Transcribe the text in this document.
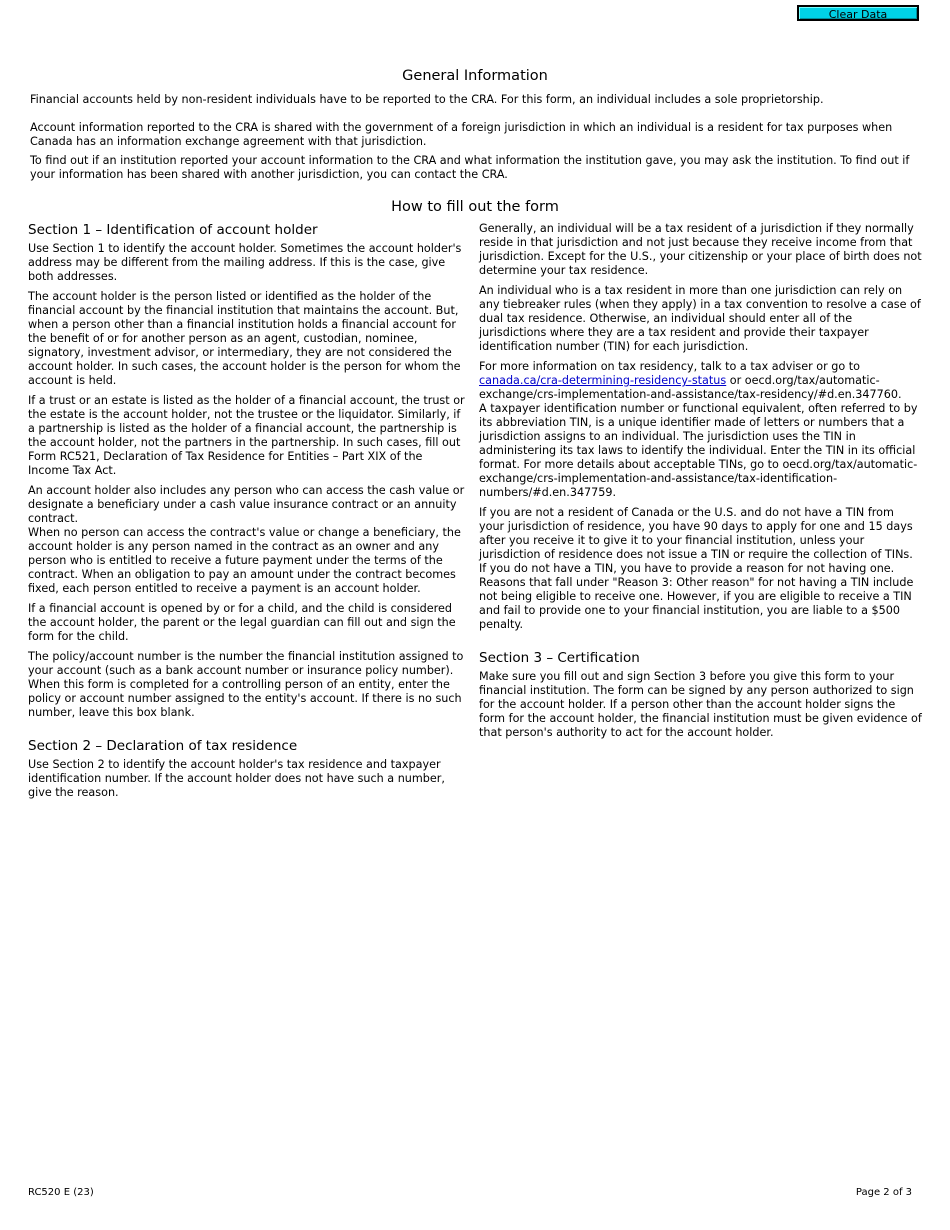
Clear Data
General Information

Financial accounts held by non-resident individuals have to be reported to the CRA. For this form, an individual includes a sole proprietorship.

Account information reported to the CRA is shared with the government of a foreign jurisdiction in which an individual is a resident for tax purposes when Canada has an information exchange agreement with that jurisdiction.

To find out if an institution reported your account information to the CRA and what information the institution gave, you may ask the institution. To find out if your information has been shared with another jurisdiction, you can contact the CRA.

How to fill out the form
Section 1 – Identification of account holder

Use Section 1 to identify the account holder. Sometimes the account holder's address may be different from the mailing address. If this is the case, give both addresses.

The account holder is the person listed or identified as the holder of the financial account by the financial institution that maintains the account. But, when a person other than a financial institution holds a financial account for the benefit of or for another person as an agent, custodian, nominee, signatory, investment advisor, or intermediary, they are not considered the account holder. In such cases, the account holder is the person for whom the account is held.

If a trust or an estate is listed as the holder of a financial account, the trust or the estate is the account holder, not the trustee or the liquidator. Similarly, if a partnership is listed as the holder of a financial account, the partnership is the account holder, not the partners in the partnership. In such cases, fill out Form RC521, Declaration of Tax Residence for Entities – Part XIX of the Income Tax Act.

An account holder also includes any person who can access the cash value or designate a beneficiary under a cash value insurance contract or an annuity contract.

When no person can access the contract's value or change a beneficiary, the account holder is any person named in the contract as an owner and any person who is entitled to receive a future payment under the terms of the contract. When an obligation to pay an amount under the contract becomes fixed, each person entitled to receive a payment is an account holder.

If a financial account is opened by or for a child, and the child is considered the account holder, the parent or the legal guardian can fill out and sign the form for the child.

The policy/account number is the number the financial institution assigned to your account (such as a bank account number or insurance policy number). When this form is completed for a controlling person of an entity, enter the policy or account number assigned to the entity's account. If there is no such number, leave this box blank.

Section 2 – Declaration of tax residence

Use Section 2 to identify the account holder's tax residence and taxpayer identification number. If the account holder does not have such a number, give the reason.

Generally, an individual will be a tax resident of a jurisdiction if they normally reside in that jurisdiction and not just because they receive income from that jurisdiction. Except for the U.S., your citizenship or your place of birth does not determine your tax residence.

An individual who is a tax resident in more than one jurisdiction can rely on any tiebreaker rules (when they apply) in a tax convention to resolve a case of dual tax residence. Otherwise, an individual should enter all of the jurisdictions where they are a tax resident and provide their taxpayer identification number (TIN) for each jurisdiction.

For more information on tax residency, talk to a tax adviser or go to canada.ca/cra-determining-residency-status or oecd.org/tax/automatic-exchange/crs-implementation-and-assistance/tax-residency/#d.en.347760.

A taxpayer identification number or functional equivalent, often referred to by its abbreviation TIN, is a unique identifier made of letters or numbers that a jurisdiction assigns to an individual. The jurisdiction uses the TIN in administering its tax laws to identify the individual. Enter the TIN in its official format. For more details about acceptable TINs, go to oecd.org/tax/automatic-exchange/crs-implementation-and-assistance/tax-identification-numbers/#d.en.347759.

If you are not a resident of Canada or the U.S. and do not have a TIN from your jurisdiction of residence, you have 90 days to apply for one and 15 days after you receive it to give it to your financial institution, unless your jurisdiction of residence does not issue a TIN or require the collection of TINs. If you do not have a TIN, you have to provide a reason for not having one. Reasons that fall under "Reason 3: Other reason" for not having a TIN include not being eligible to receive one. However, if you are eligible to receive a TIN and fail to provide one to your financial institution, you are liable to a $500 penalty.

Section 3 – Certification

Make sure you fill out and sign Section 3 before you give this form to your financial institution. The form can be signed by any person authorized to sign for the account holder. If a person other than the account holder signs the form for the account holder, the financial institution must be given evidence of that person's authority to act for the account holder.

RC520 E (23)	Page 2 of 3
